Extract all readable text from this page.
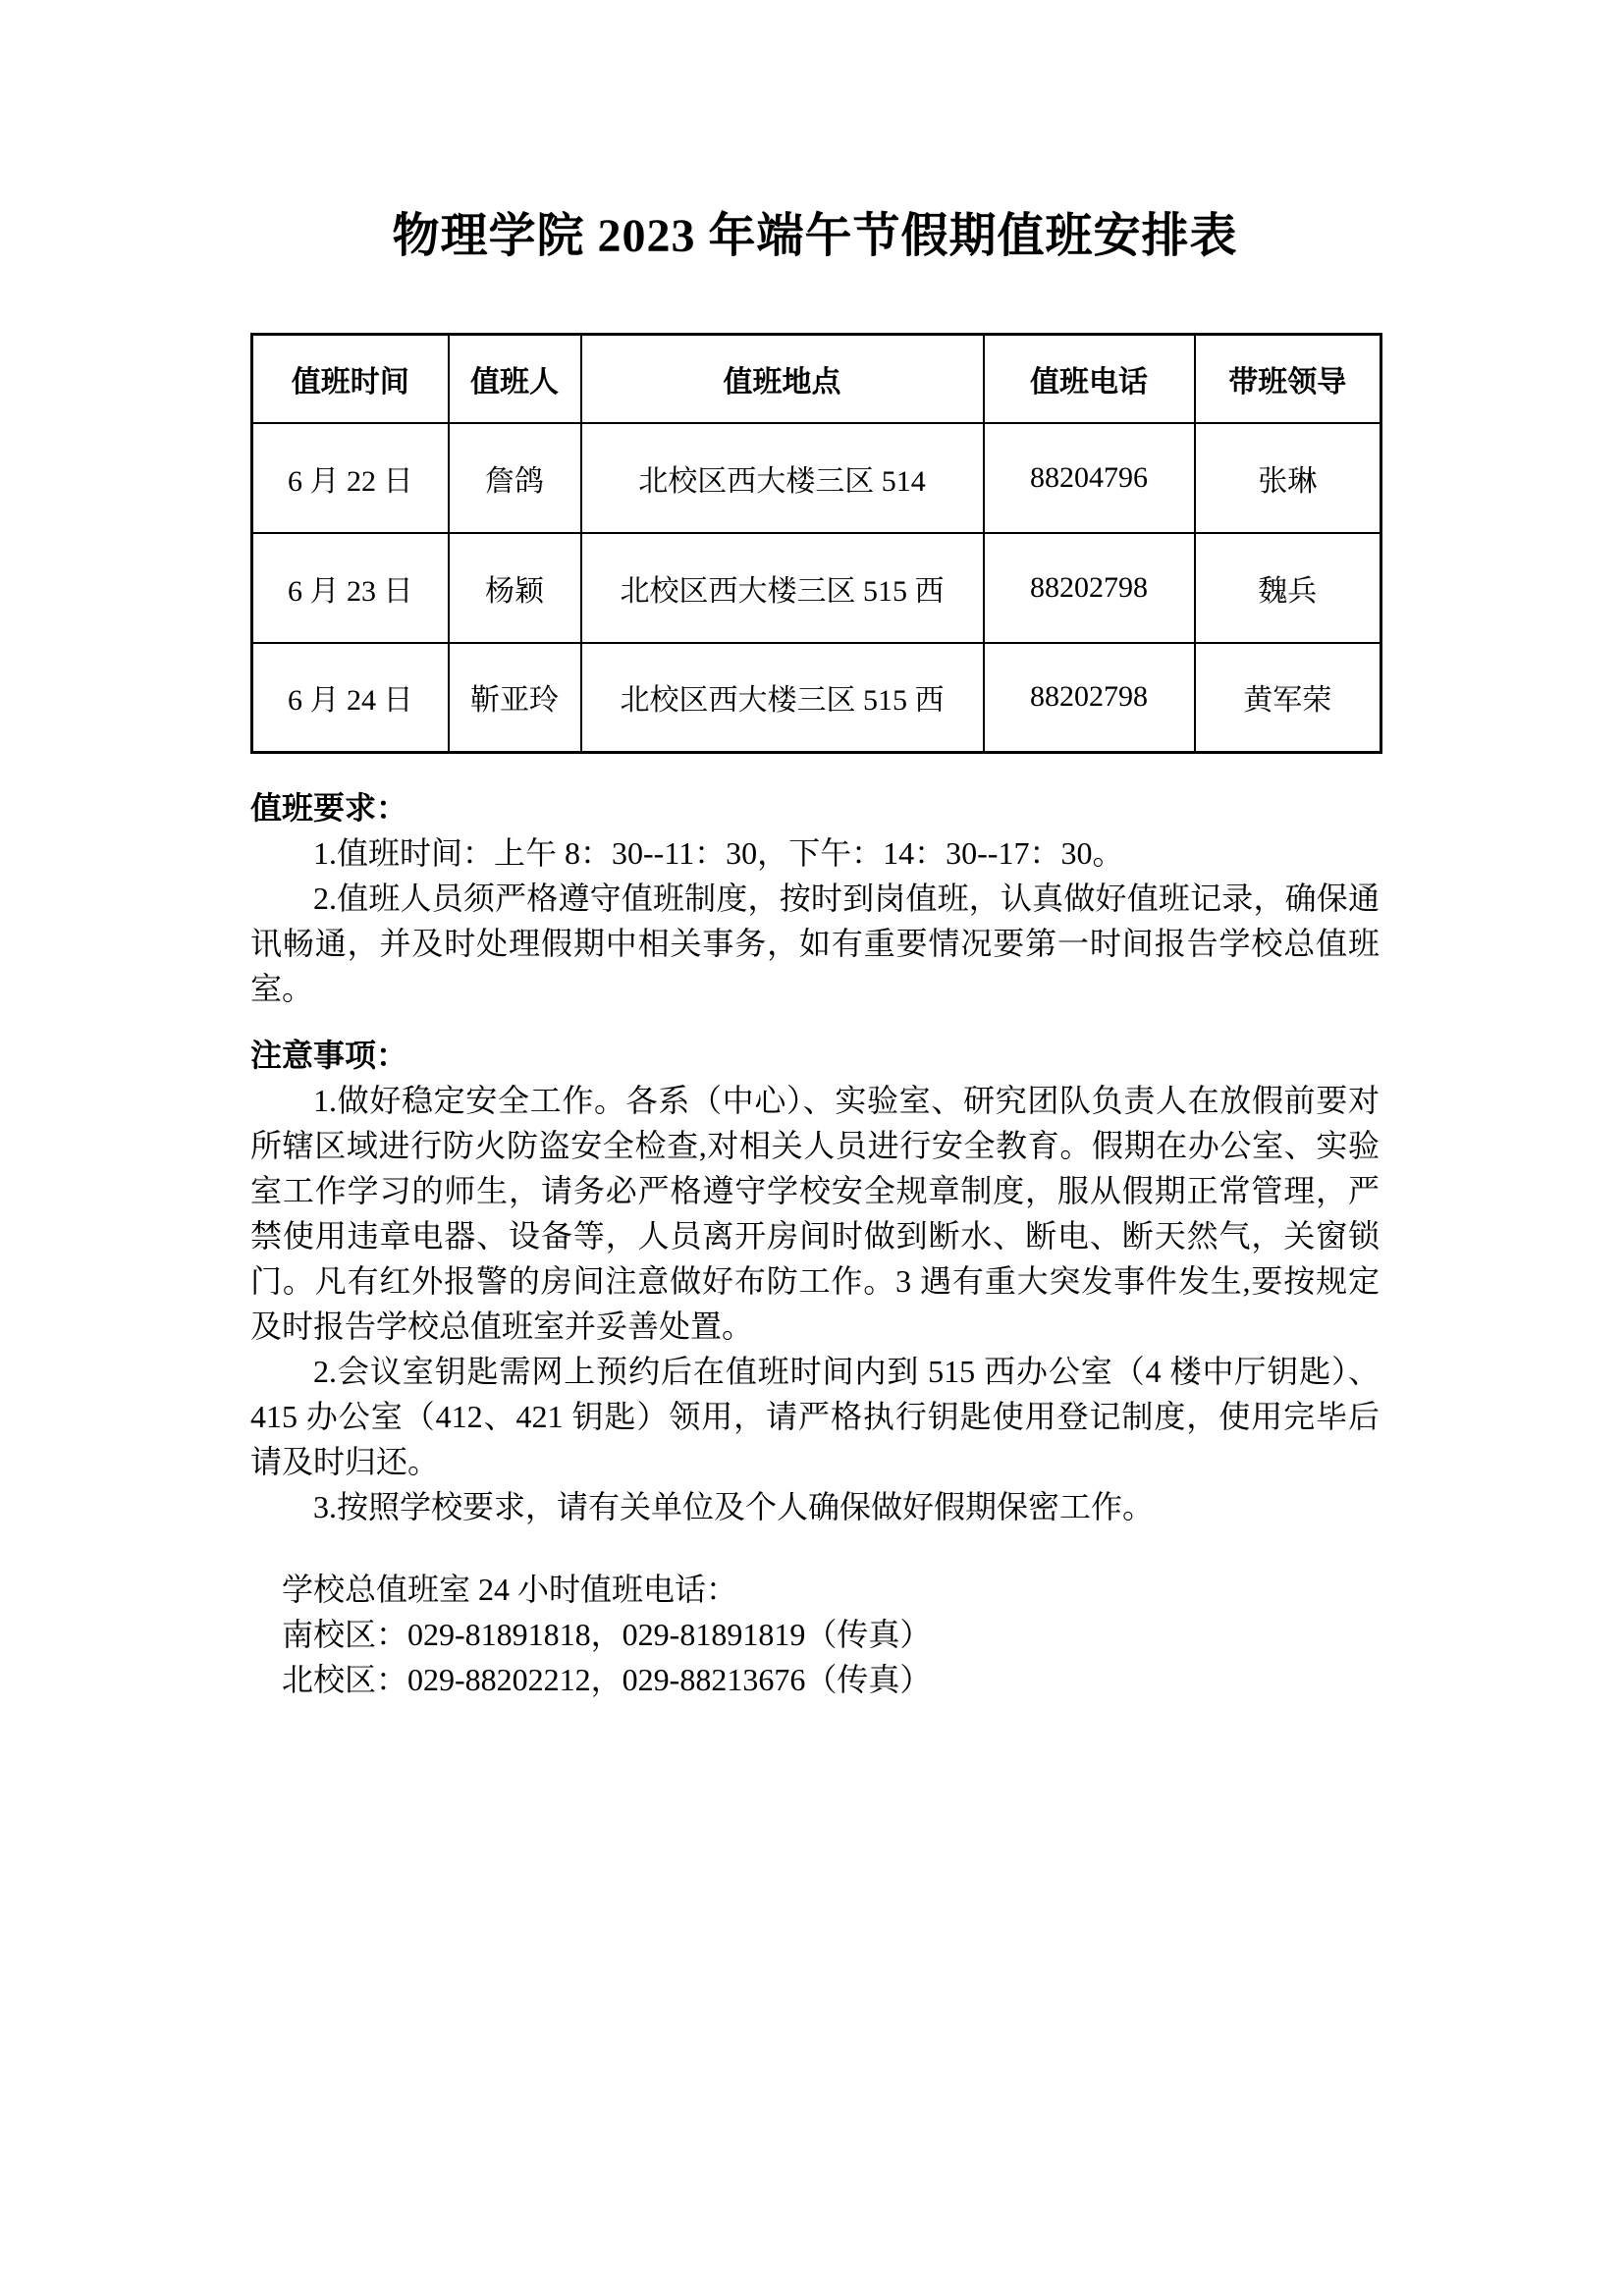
物理学院 2023 年端午节假期值班安排表
值班时间	值班人	值班地点	值班电话	带班领导
6 月 22 日	詹鸽	北校区西大楼三区 514	88204796	张琳
6 月 23 日	杨颖	北校区西大楼三区 515 西	88202798	魏兵
6 月 24 日	靳亚玲	北校区西大楼三区 515 西	88202798	黄军荣

值班要求：

1.值班时间：上午 8：30--11：30，下午：14：30--17：30。

2.值班人员须严格遵守值班制度，按时到岗值班，认真做好值班记录，确保通讯畅通，并及时处理假期中相关事务，如有重要情况要第一时间报告学校总值班室。

注意事项：

1.做好稳定安全工作。各系（中心）、实验室、研究团队负责人在放假前要对所辖区域进行防火防盗安全检查,对相关人员进行安全教育。假期在办公室、实验室工作学习的师生，请务必严格遵守学校安全规章制度，服从假期正常管理，严禁使用违章电器、设备等，人员离开房间时做到断水、断电、断天然气，关窗锁门。凡有红外报警的房间注意做好布防工作。3 遇有重大突发事件发生,要按规定及时报告学校总值班室并妥善处置。

2.会议室钥匙需网上预约后在值班时间内到 515 西办公室（4 楼中厅钥匙）、415 办公室（412、421 钥匙）领用，请严格执行钥匙使用登记制度，使用完毕后请及时归还。

3.按照学校要求，请有关单位及个人确保做好假期保密工作。

学校总值班室 24 小时值班电话：

南校区：029-81891818，029-81891819（传真）

北校区：029-88202212，029-88213676（传真）
